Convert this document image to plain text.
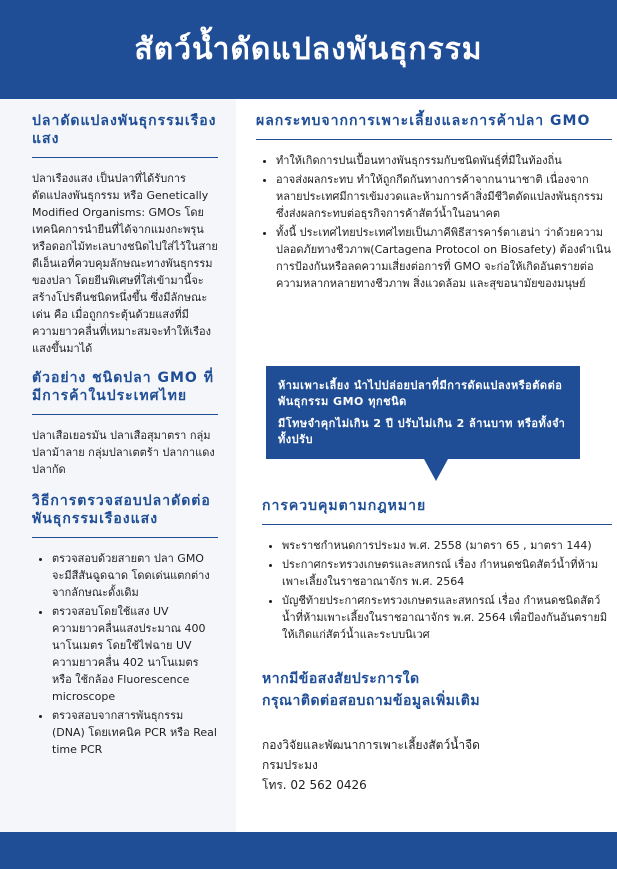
สัตว์น้ำดัดแปลงพันธุกรรม
ปลาดัดแปลงพันธุกรรมเรืองแสง

ปลาเรืองแสง เป็นปลาที่ได้รับการดัดแปลงพันธุกรรม หรือ Genetically Modified Organisms: GMOs โดยเทคนิคการนำยีนที่ได้จากแมงกะพรุนหรือดอกไม้ทะเลบางชนิดไปใส่ไว้ในสายดีเอ็นเอที่ควบคุมลักษณะทางพันธุกรรมของปลา โดยยีนพิเศษที่ใส่เข้ามานี้จะสร้างโปรตีนชนิดหนึ่งขึ้น ซึ่งมีลักษณะเด่น คือ เมื่อถูกกระตุ้นด้วยแสงที่มีความยาวคลื่นที่เหมาะสมจะทำให้เรืองแสงขึ้นมาได้

ตัวอย่าง ชนิดปลา GMO ที่มีการค้าในประเทศไทย

ปลาเสือเยอรมัน ปลาเสือสุมาตรา กลุ่มปลาม้าลาย กลุ่มปลาเตตร้า ปลากาแดง ปลากัด

วิธีการตรวจสอบปลาดัดต่อพันธุกรรมเรืองแสง
• ตรวจสอบด้วยสายตา ปลา GMO จะมีสีสันฉูดฉาด โดดเด่นแตกต่างจากลักษณะดั้งเดิม
• ตรวจสอบโดยใช้แสง UV ความยาวคลื่นแสงประมาณ 400 นาโนเมตร โดยใช้ไฟฉาย UV ความยาวคลื่น 402 นาโนเมตร หรือ ใช้กล้อง Fluorescence microscope
• ตรวจสอบจากสารพันธุกรรม (DNA) โดยเทคนิค PCR หรือ Real time PCR
ผลกระทบจากการเพาะเลี้ยงและการค้าปลา GMO
• ทำให้เกิดการปนเปื้อนทางพันธุกรรมกับชนิดพันธุ์ที่มีในท้องถิ่น
• อาจส่งผลกระทบ ทำให้ถูกกีดกันทางการค้าจากนานาชาติ เนื่องจากหลายประเทศมีการเข้มงวดและห้ามการค้าสิ่งมีชีวิตดัดแปลงพันธุกรรม ซึ่งส่งผลกระทบต่อธุรกิจการค้าสัตว์น้ำในอนาคต
• ทั้งนี้ ประเทศไทยประเทศไทยเป็นภาคีพิธีสารคาร์ตาเฮน่า ว่าด้วยความปลอดภัยทางชีวภาพ(Cartagena Protocol on Biosafety) ต้องดำเนินการป้องกันหรือลดความเสี่ยงต่อการที่ GMO จะก่อให้เกิดอันตรายต่อความหลากหลายทางชีวภาพ สิ่งแวดล้อม และสุขอนามัยของมนุษย์

ห้ามเพาะเลี้ยง นำไปปล่อยปลาที่มีการดัดแปลงหรือตัดต่อพันธุกรรม GMO ทุกชนิด

มีโทษจำคุกไม่เกิน 2 ปี ปรับไม่เกิน 2 ล้านบาท หรือทั้งจำทั้งปรับ

การควบคุมตามกฎหมาย
• พระราชกำหนดการประมง พ.ศ. 2558 (มาตรา 65 , มาตรา 144)
• ประกาศกระทรวงเกษตรและสหกรณ์ เรื่อง กำหนดชนิดสัตว์น้ำที่ห้ามเพาะเลี้ยงในราชอาณาจักร พ.ศ. 2564
• บัญชีท้ายประกาศกระทรวงเกษตรและสหกรณ์ เรื่อง กำหนดชนิดสัตว์น้ำที่ห้ามเพาะเลี้ยงในราชอาณาจักร พ.ศ. 2564 เพื่อป้องกันอันตรายมิให้เกิดแก่สัตว์น้ำและระบบนิเวศ
หากมีข้อสงสัยประการใด
กรุณาติดต่อสอบถามข้อมูลเพิ่มเติม

กองวิจัยและพัฒนาการเพาะเลี้ยงสัตว์น้ำจืด
กรมประมง
โทร. 02 562 0426
